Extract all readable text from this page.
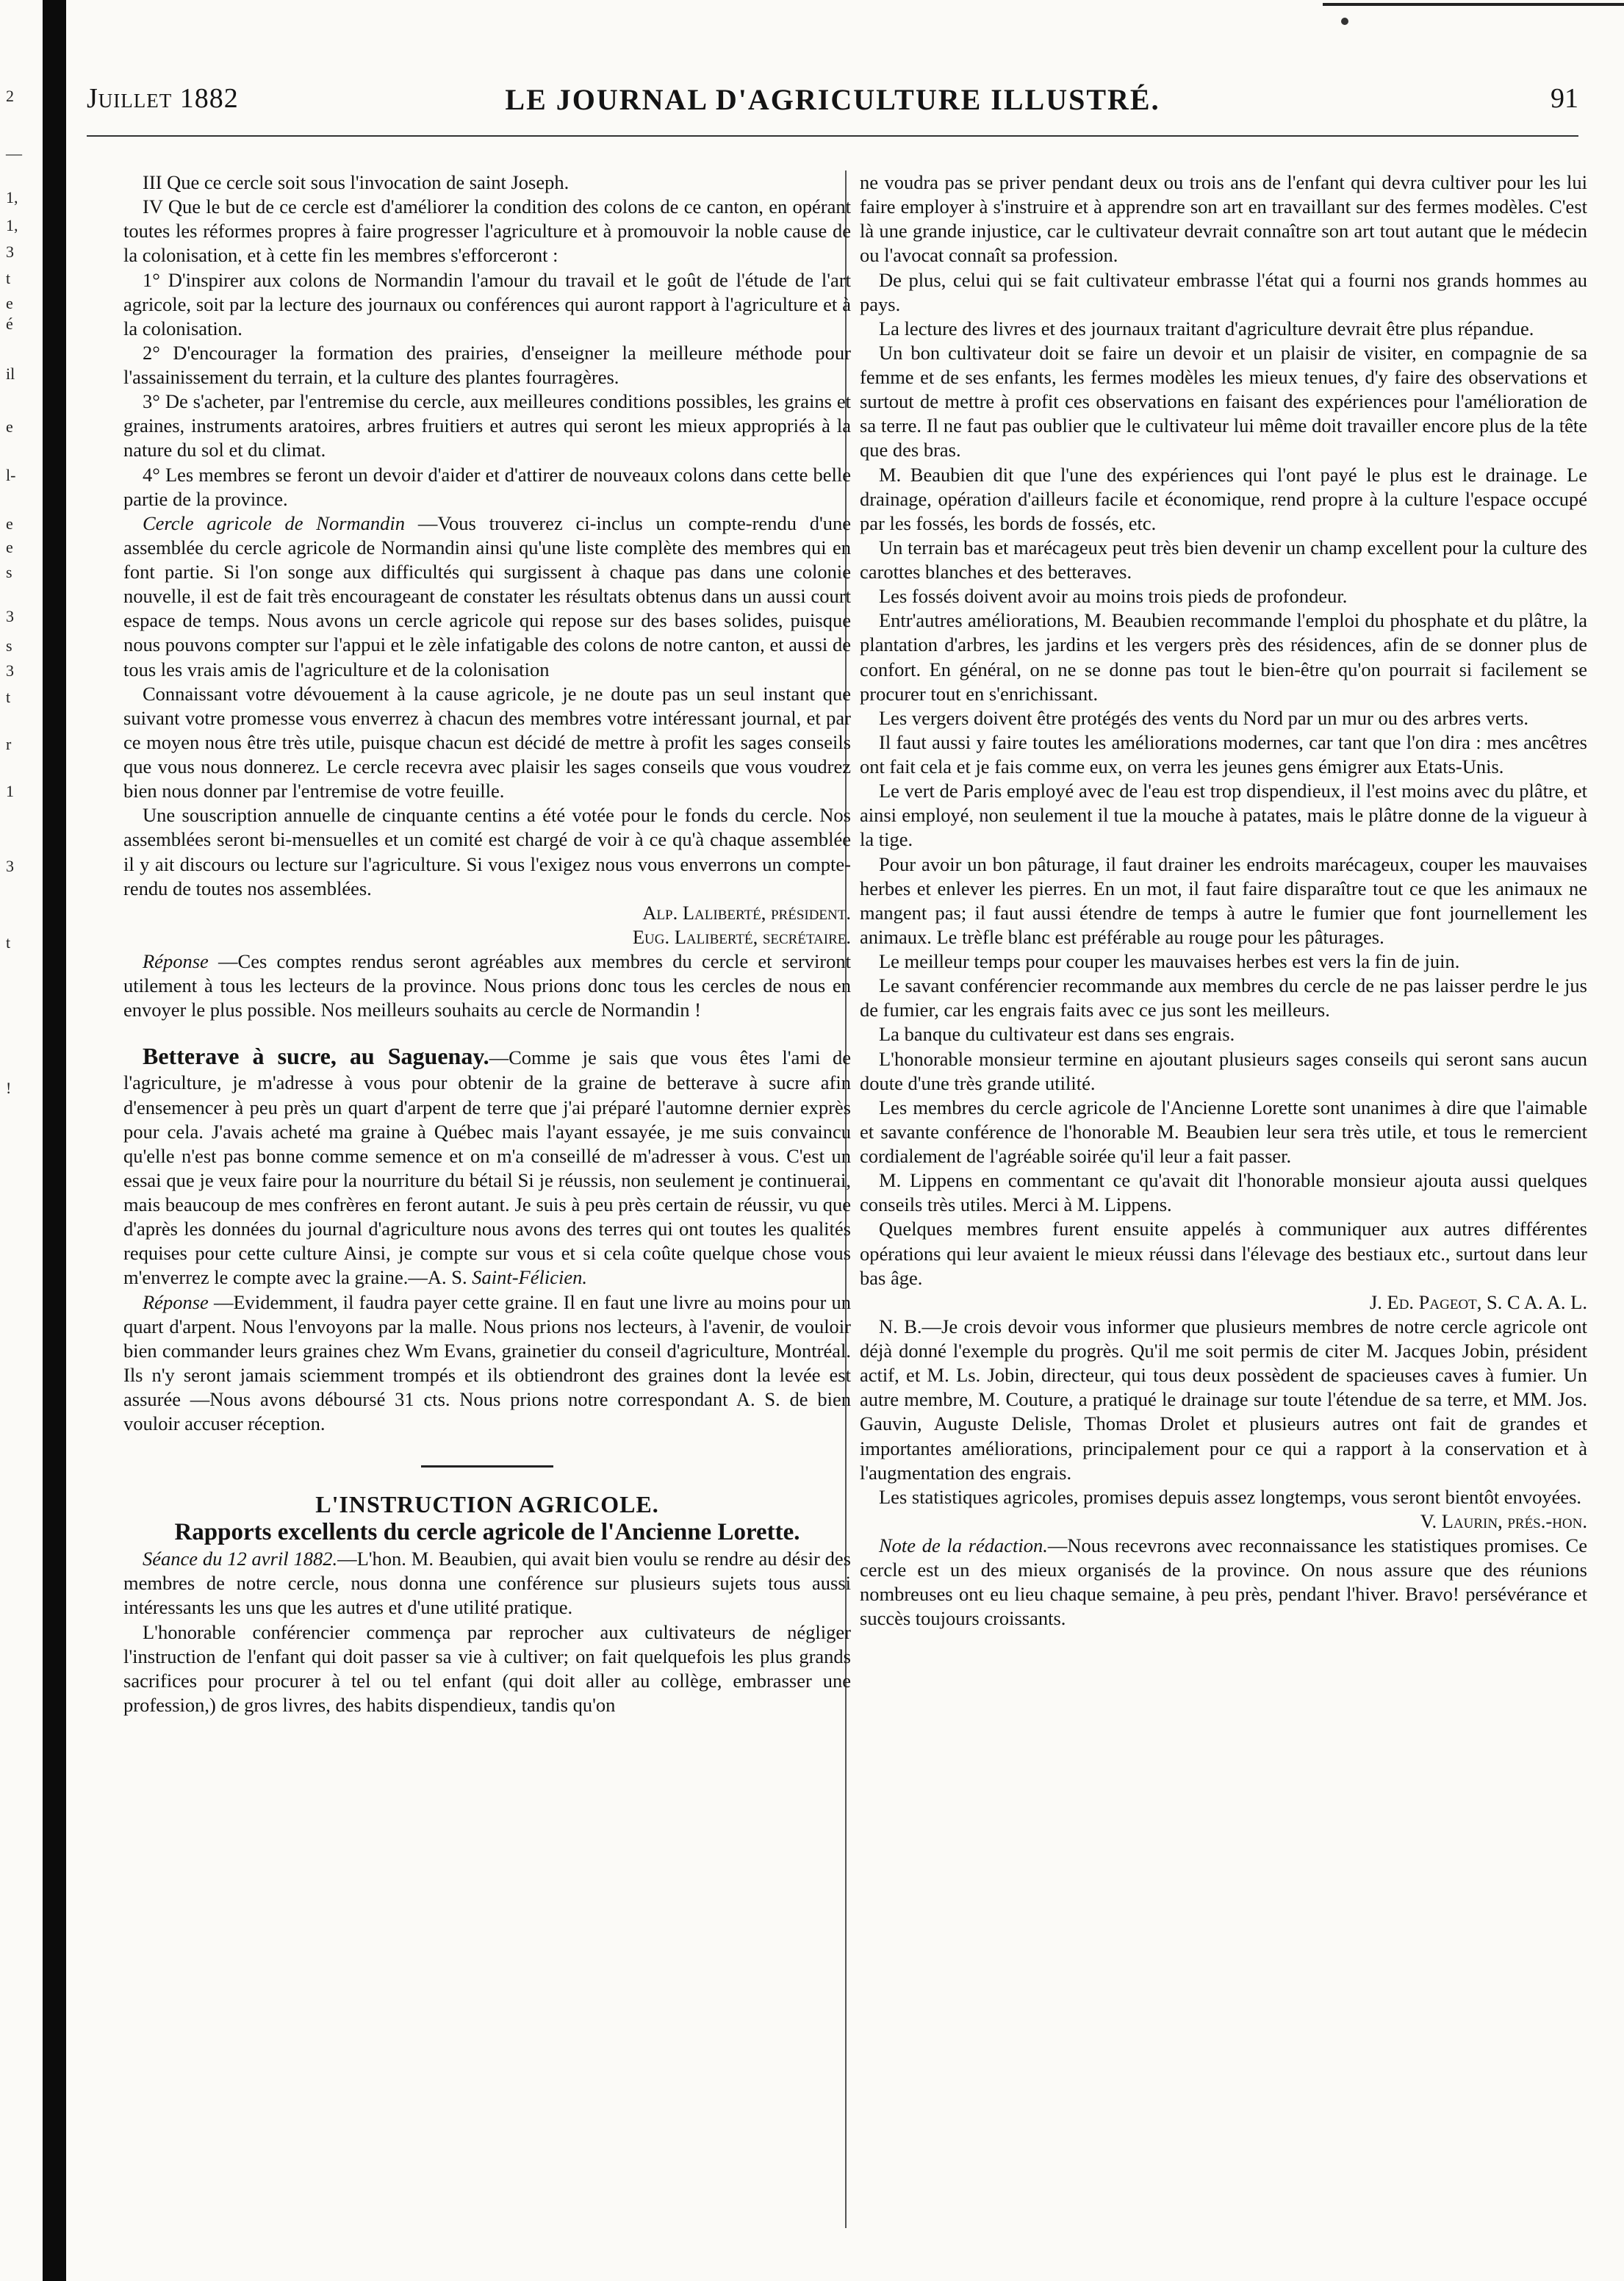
2
—
1,
1,
3
t
e
é
il
e
l-
e
e
s
3
s
3
t
r
1
3
t
!
Juillet 1882	LE JOURNAL D'AGRICULTURE ILLUSTRÉ.	91

III Que ce cercle soit sous l'invocation de saint Joseph.

IV Que le but de ce cercle est d'améliorer la condition des colons de ce canton, en opérant toutes les réformes propres à faire progresser l'agriculture et à promouvoir la noble cause de la colonisation, et à cette fin les membres s'efforceront :

1° D'inspirer aux colons de Normandin l'amour du travail et le goût de l'étude de l'art agricole, soit par la lecture des journaux ou conférences qui auront rapport à l'agriculture et à la colonisation.

2° D'encourager la formation des prairies, d'enseigner la meilleure méthode pour l'assainissement du terrain, et la culture des plantes fourragères.

3° De s'acheter, par l'entremise du cercle, aux meilleures conditions possibles, les grains et graines, instruments aratoires, arbres fruitiers et autres qui seront les mieux appropriés à la nature du sol et du climat.

4° Les membres se feront un devoir d'aider et d'attirer de nouveaux colons dans cette belle partie de la province.

Cercle agricole de Normandin —Vous trouverez ci-inclus un compte-rendu d'une assemblée du cercle agricole de Normandin ainsi qu'une liste complète des membres qui en font partie. Si l'on songe aux difficultés qui surgissent à chaque pas dans une colonie nouvelle, il est de fait très encourageant de constater les résultats obtenus dans un aussi court espace de temps. Nous avons un cercle agricole qui repose sur des bases solides, puisque nous pouvons compter sur l'appui et le zèle infatigable des colons de notre canton, et aussi de tous les vrais amis de l'agriculture et de la colonisation

Connaissant votre dévouement à la cause agricole, je ne doute pas un seul instant que suivant votre promesse vous enverrez à chacun des membres votre intéressant journal, et par ce moyen nous être très utile, puisque chacun est décidé de mettre à profit les sages conseils que vous nous donnerez. Le cercle recevra avec plaisir les sages conseils que vous voudrez bien nous donner par l'entremise de votre feuille.

Une souscription annuelle de cinquante centins a été votée pour le fonds du cercle. Nos assemblées seront bi-mensuelles et un comité est chargé de voir à ce qu'à chaque assemblée il y ait discours ou lecture sur l'agriculture. Si vous l'exigez nous vous enverrons un compte-rendu de toutes nos assemblées.

Alp. Laliberté, président.

Eug. Laliberté, secrétaire.

Réponse —Ces comptes rendus seront agréables aux membres du cercle et serviront utilement à tous les lecteurs de la province. Nous prions donc tous les cercles de nous en envoyer le plus possible. Nos meilleurs souhaits au cercle de Normandin !

Betterave à sucre, au Saguenay.—Comme je sais que vous êtes l'ami de l'agriculture, je m'adresse à vous pour obtenir de la graine de betterave à sucre afin d'ensemencer à peu près un quart d'arpent de terre que j'ai préparé l'automne dernier exprès pour cela. J'avais acheté ma graine à Québec mais l'ayant essayée, je me suis convaincu qu'elle n'est pas bonne comme semence et on m'a conseillé de m'adresser à vous. C'est un essai que je veux faire pour la nourriture du bétail Si je réussis, non seulement je continuerai, mais beaucoup de mes confrères en feront autant. Je suis à peu près certain de réussir, vu que d'après les données du journal d'agriculture nous avons des terres qui ont toutes les qualités requises pour cette culture Ainsi, je compte sur vous et si cela coûte quelque chose vous m'enverrez le compte avec la graine.—A. S. Saint-Félicien.

Réponse —Evidemment, il faudra payer cette graine. Il en faut une livre au moins pour un quart d'arpent. Nous l'envoyons par la malle. Nous prions nos lecteurs, à l'avenir, de vouloir bien commander leurs graines chez Wm Evans, grainetier du conseil d'agriculture, Montréal. Ils n'y seront jamais sciemment trompés et ils obtiendront des graines dont la levée est assurée —Nous avons déboursé 31 cts. Nous prions notre correspondant A. S. de bien vouloir accuser réception.

L'INSTRUCTION AGRICOLE.

Rapports excellents du cercle agricole de l'Ancienne Lorette.

Séance du 12 avril 1882.—L'hon. M. Beaubien, qui avait bien voulu se rendre au désir des membres de notre cercle, nous donna une conférence sur plusieurs sujets tous aussi intéressants les uns que les autres et d'une utilité pratique.

L'honorable conférencier commença par reprocher aux cultivateurs de négliger l'instruction de l'enfant qui doit passer sa vie à cultiver; on fait quelquefois les plus grands sacrifices pour procurer à tel ou tel enfant (qui doit aller au collège, embrasser une profession,) de gros livres, des habits dispendieux, tandis qu'on

ne voudra pas se priver pendant deux ou trois ans de l'enfant qui devra cultiver pour les lui faire employer à s'instruire et à apprendre son art en travaillant sur des fermes modèles. C'est là une grande injustice, car le cultivateur devrait connaître son art tout autant que le médecin ou l'avocat connaît sa profession.

De plus, celui qui se fait cultivateur embrasse l'état qui a fourni nos grands hommes au pays.

La lecture des livres et des journaux traitant d'agriculture devrait être plus répandue.

Un bon cultivateur doit se faire un devoir et un plaisir de visiter, en compagnie de sa femme et de ses enfants, les fermes modèles les mieux tenues, d'y faire des observations et surtout de mettre à profit ces observations en faisant des expériences pour l'amélioration de sa terre. Il ne faut pas oublier que le cultivateur lui même doit travailler encore plus de la tête que des bras.

M. Beaubien dit que l'une des expériences qui l'ont payé le plus est le drainage. Le drainage, opération d'ailleurs facile et économique, rend propre à la culture l'espace occupé par les fossés, les bords de fossés, etc.

Un terrain bas et marécageux peut très bien devenir un champ excellent pour la culture des carottes blanches et des betteraves.

Les fossés doivent avoir au moins trois pieds de profondeur.

Entr'autres améliorations, M. Beaubien recommande l'emploi du phosphate et du plâtre, la plantation d'arbres, les jardins et les vergers près des résidences, afin de se donner plus de confort. En général, on ne se donne pas tout le bien-être qu'on pourrait si facilement se procurer tout en s'enrichissant.

Les vergers doivent être protégés des vents du Nord par un mur ou des arbres verts.

Il faut aussi y faire toutes les améliorations modernes, car tant que l'on dira : mes ancêtres ont fait cela et je fais comme eux, on verra les jeunes gens émigrer aux Etats-Unis.

Le vert de Paris employé avec de l'eau est trop dispendieux, il l'est moins avec du plâtre, et ainsi employé, non seulement il tue la mouche à patates, mais le plâtre donne de la vigueur à la tige.

Pour avoir un bon pâturage, il faut drainer les endroits marécageux, couper les mauvaises herbes et enlever les pierres. En un mot, il faut faire disparaître tout ce que les animaux ne mangent pas; il faut aussi étendre de temps à autre le fumier que font journellement les animaux. Le trèfle blanc est préférable au rouge pour les pâturages.

Le meilleur temps pour couper les mauvaises herbes est vers la fin de juin.

Le savant conférencier recommande aux membres du cercle de ne pas laisser perdre le jus de fumier, car les engrais faits avec ce jus sont les meilleurs.

La banque du cultivateur est dans ses engrais.

L'honorable monsieur termine en ajoutant plusieurs sages conseils qui seront sans aucun doute d'une très grande utilité.

Les membres du cercle agricole de l'Ancienne Lorette sont unanimes à dire que l'aimable et savante conférence de l'honorable M. Beaubien leur sera très utile, et tous le remercient cordialement de l'agréable soirée qu'il leur a fait passer.

M. Lippens en commentant ce qu'avait dit l'honorable monsieur ajouta aussi quelques conseils très utiles. Merci à M. Lippens.

Quelques membres furent ensuite appelés à communiquer aux autres différentes opérations qui leur avaient le mieux réussi dans l'élevage des bestiaux etc., surtout dans leur bas âge.

J. Ed. Pageot, S. C A. A. L.

N. B.—Je crois devoir vous informer que plusieurs membres de notre cercle agricole ont déjà donné l'exemple du progrès. Qu'il me soit permis de citer M. Jacques Jobin, président actif, et M. Ls. Jobin, directeur, qui tous deux possèdent de spacieuses caves à fumier. Un autre membre, M. Couture, a pratiqué le drainage sur toute l'étendue de sa terre, et MM. Jos. Gauvin, Auguste Delisle, Thomas Drolet et plusieurs autres ont fait de grandes et importantes améliorations, principalement pour ce qui a rapport à la conservation et à l'augmentation des engrais.

Les statistiques agricoles, promises depuis assez longtemps, vous seront bientôt envoyées.

V. Laurin, prés.-hon.

Note de la rédaction.—Nous recevrons avec reconnaissance les statistiques promises. Ce cercle est un des mieux organisés de la province. On nous assure que des réunions nombreuses ont eu lieu chaque semaine, à peu près, pendant l'hiver. Bravo! persévérance et succès toujours croissants.
